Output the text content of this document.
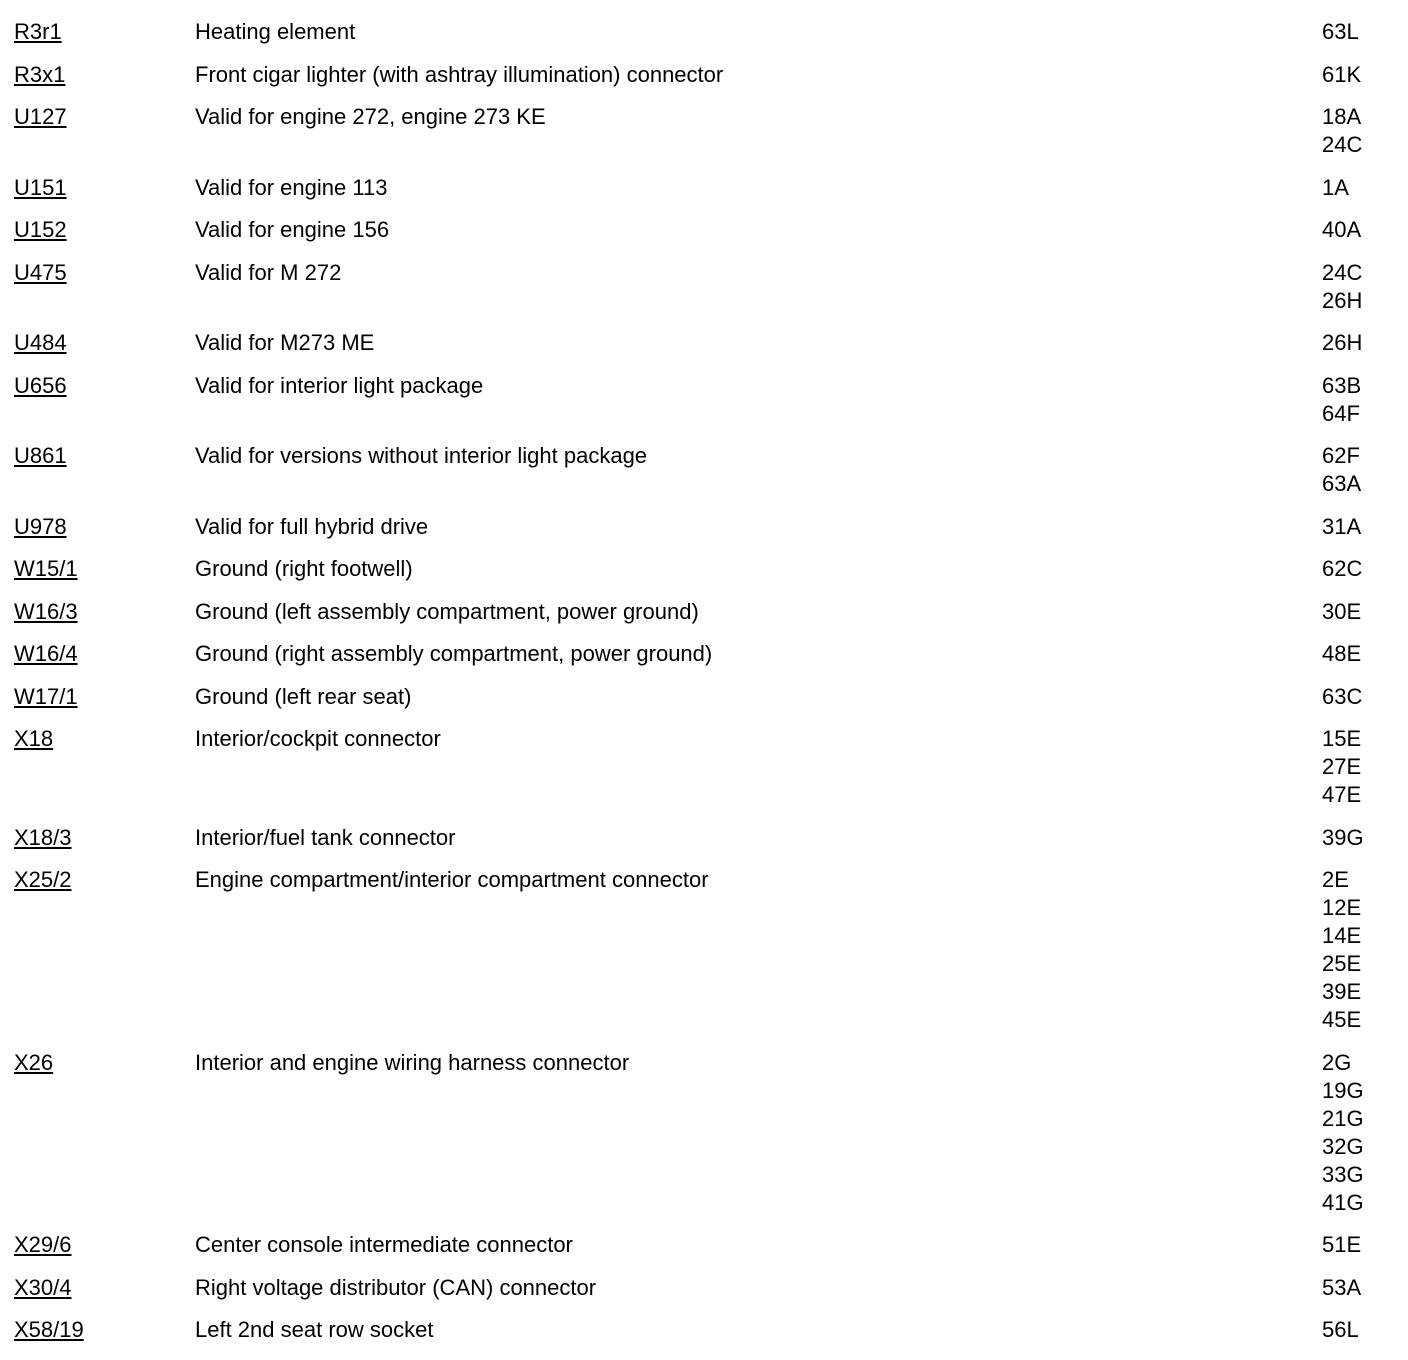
R3r1	Heating element	63L
R3x1	Front cigar lighter (with ashtray illumination) connector	61K
U127	Valid for engine 272, engine 273 KE	18A
24C
U151	Valid for engine 113	1A
U152	Valid for engine 156	40A
U475	Valid for M 272	24C
26H
U484	Valid for M273 ME	26H
U656	Valid for interior light package	63B
64F
U861	Valid for versions without interior light package	62F
63A
U978	Valid for full hybrid drive	31A
W15/1	Ground (right footwell)	62C
W16/3	Ground (left assembly compartment, power ground)	30E
W16/4	Ground (right assembly compartment, power ground)	48E
W17/1	Ground (left rear seat)	63C
X18	Interior/cockpit connector	15E
27E
47E
X18/3	Interior/fuel tank connector	39G
X25/2	Engine compartment/interior compartment connector	2E
12E
14E
25E
39E
45E
X26	Interior and engine wiring harness connector	2G
19G
21G
32G
33G
41G
X29/6	Center console intermediate connector	51E
X30/4	Right voltage distributor (CAN) connector	53A
X58/19	Left 2nd seat row socket	56L
